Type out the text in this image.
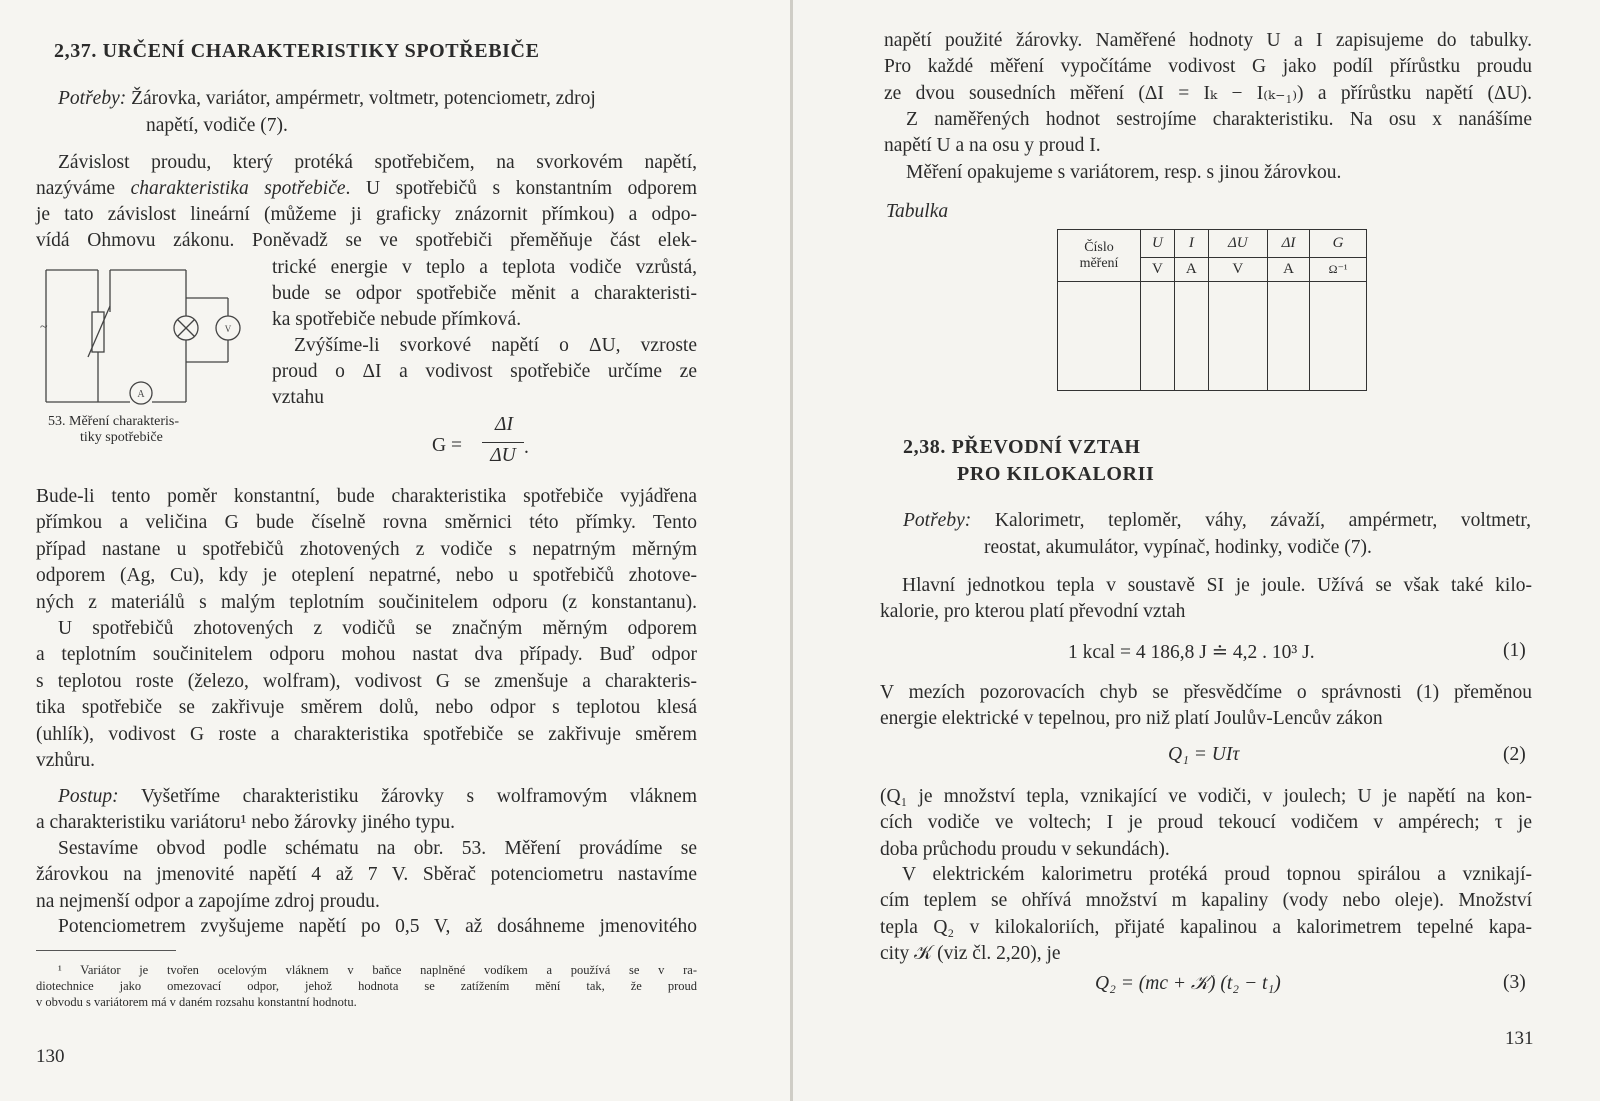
2,37. URČENÍ CHARAKTERISTIKY SPOTŘEBIČE
Potřeby: Žárovka, variátor, ampérmetr, voltmetr, potenciometr, zdroj
napětí, vodiče (7).
Závislost proudu, který protéká spotřebičem, na svorkovém napětí,
nazýváme charakteristika spotřebiče. U spotřebičů s konstantním odporem
je tato závislost lineární (můžeme ji graficky znázornit přímkou) a odpo-
vídá Ohmovu zákonu. Poněvadž se ve spotřebiči přeměňuje část elek-
~	V
A
53. Měření charakteris-
tiky spotřebiče
trické energie v teplo a teplota vodiče vzrůstá,
bude se odpor spotřebiče měnit a charakteristi-
ka spotřebiče nebude přímková.
Zvýšíme-li svorkové napětí o ΔU, vzroste
proud o ΔI a vodivost spotřebiče určíme ze
vztahu
G =
ΔI
ΔU .
Bude-li tento poměr konstantní, bude charakteristika spotřebiče vyjádřena
přímkou a veličina G bude číselně rovna směrnici této přímky. Tento
případ nastane u spotřebičů zhotovených z vodiče s nepatrným měrným
odporem (Ag, Cu), kdy je oteplení nepatrné, nebo u spotřebičů zhotove-
ných z materiálů s malým teplotním součinitelem odporu (z konstantanu).
U spotřebičů zhotovených z vodičů se značným měrným odporem
a teplotním součinitelem odporu mohou nastat dva případy. Buď odpor
s teplotou roste (železo, wolfram), vodivost G se zmenšuje a charakteris-
tika spotřebiče se zakřivuje směrem dolů, nebo odpor s teplotou klesá
(uhlík), vodivost G roste a charakteristika spotřebiče se zakřivuje směrem
vzhůru.
Postup: Vyšetříme charakteristiku žárovky s wolframovým vláknem
a charakteristiku variátoru¹ nebo žárovky jiného typu.
Sestavíme obvod podle schématu na obr. 53. Měření provádíme se
žárovkou na jmenovité napětí 4 až 7 V. Sběrač potenciometru nastavíme
na nejmenší odpor a zapojíme zdroj proudu.
Potenciometrem zvyšujeme napětí po 0,5 V, až dosáhneme jmenovitého
¹ Variátor je tvořen ocelovým vláknem v baňce naplněné vodíkem a používá se v ra-
diotechnice jako omezovací odpor, jehož hodnota se zatížením mění tak, že proud
v obvodu s variátorem má v daném rozsahu konstantní hodnotu.
130
napětí použité žárovky. Naměřené hodnoty U a I zapisujeme do tabulky.
Pro každé měření vypočítáme vodivost G jako podíl přírůstku proudu
ze dvou sousedních měření (ΔI = Iₖ − I₍ₖ₋₁₎) a přírůstku napětí (ΔU).
Z naměřených hodnot sestrojíme charakteristiku. Na osu x nanášíme
napětí U a na osu y proud I.
Měření opakujeme s variátorem, resp. s jinou žárovkou.
Tabulka
Číslo
měření	U	I	ΔU	ΔI	G
	V	A	V	A	Ω⁻¹

2,38. PŘEVODNÍ VZTAH
PRO KILOKALORII
Potřeby: Kalorimetr, teploměr, váhy, závaží, ampérmetr, voltmetr,
reostat, akumulátor, vypínač, hodinky, vodiče (7).
Hlavní jednotkou tepla v soustavě SI je joule. Užívá se však také kilo-
kalorie, pro kterou platí převodní vztah
1 kcal = 4 186,8 J ≐ 4,2 . 10³ J.	(1)
V mezích pozorovacích chyb se přesvědčíme o správnosti (1) přeměnou
energie elektrické v tepelnou, pro niž platí Joulův-Lencův zákon
Q₁ = UIτ	(2)
(Q₁ je množství tepla, vznikající ve vodiči, v joulech; U je napětí na kon-
cích vodiče ve voltech; I je proud tekoucí vodičem v ampérech; τ je
doba průchodu proudu v sekundách).
V elektrickém kalorimetru protéká proud topnou spirálou a vznikají-
cím teplem se ohřívá množství m kapaliny (vody nebo oleje). Množství
tepla Q₂ v kilokaloriích, přijaté kapalinou a kalorimetrem tepelné kapa-
city 𝒦 (viz čl. 2,20), je
Q₂ = (mc + 𝒦) (t₂ − t₁)	(3)
131
